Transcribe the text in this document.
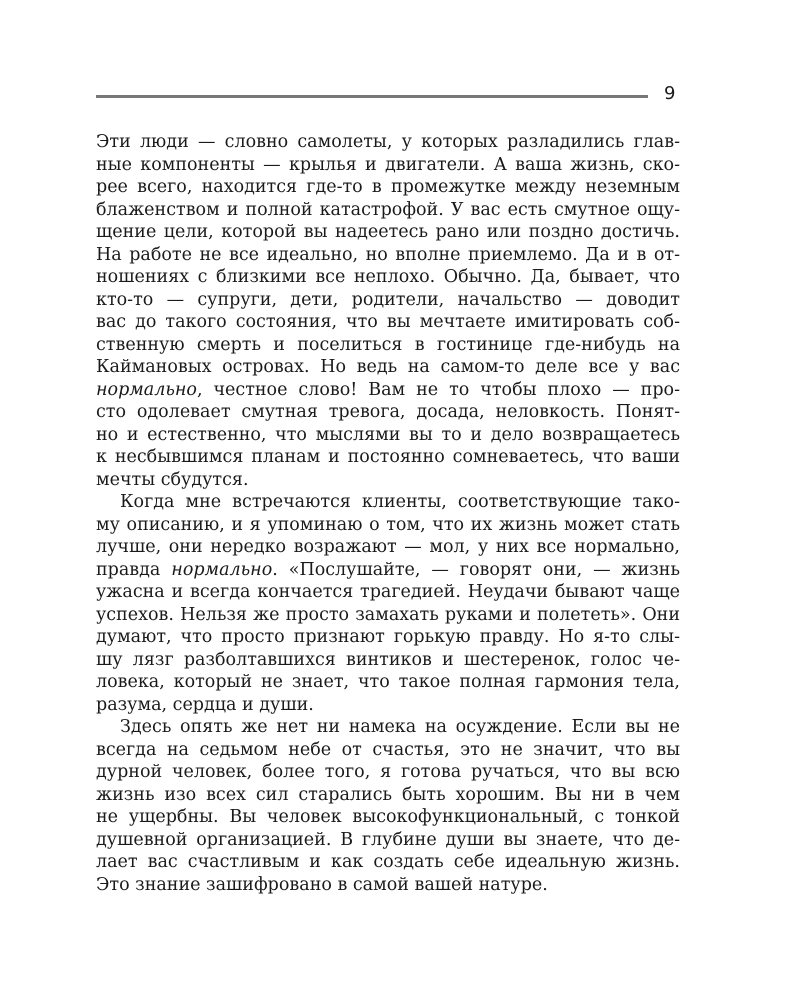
9
Эти люди — словно самолеты, у которых разладились глав-
ные компоненты — крылья и двигатели. А ваша жизнь, ско-
рее всего, находится где-то в промежутке между неземным
блаженством и полной катастрофой. У вас есть смутное ощу-
щение цели, которой вы надеетесь рано или поздно достичь.
На работе не все идеально, но вполне приемлемо. Да и в от-
ношениях с близкими все неплохо. Обычно. Да, бывает, что
кто-то — супруги, дети, родители, начальство — доводит
вас до такого состояния, что вы мечтаете имитировать соб-
ственную смерть и поселиться в гостинице где-нибудь на
Каймановых островах. Но ведь на самом-то деле все у вас
нормально, честное слово! Вам не то чтобы плохо — про-
сто одолевает смутная тревога, досада, неловкость. Понят-
но и естественно, что мыслями вы то и дело возвращаетесь
к несбывшимся планам и постоянно сомневаетесь, что ваши
мечты сбудутся.
Когда мне встречаются клиенты, соответствующие тако-
му описанию, и я упоминаю о том, что их жизнь может стать
лучше, они нередко возражают — мол, у них все нормально,
правда нормально. «Послушайте, — говорят они, — жизнь
ужасна и всегда кончается трагедией. Неудачи бывают чаще
успехов. Нельзя же просто замахать руками и полететь». Они
думают, что просто признают горькую правду. Но я-то слы-
шу лязг разболтавшихся винтиков и шестеренок, голос че-
ловека, который не знает, что такое полная гармония тела,
разума, сердца и души.
Здесь опять же нет ни намека на осуждение. Если вы не
всегда на седьмом небе от счастья, это не значит, что вы
дурной человек, более того, я готова ручаться, что вы всю
жизнь изо всех сил старались быть хорошим. Вы ни в чем
не ущербны. Вы человек высокофункциональный, с тонкой
душевной организацией. В глубине души вы знаете, что де-
лает вас счастливым и как создать себе идеальную жизнь.
Это знание зашифровано в самой вашей натуре.
